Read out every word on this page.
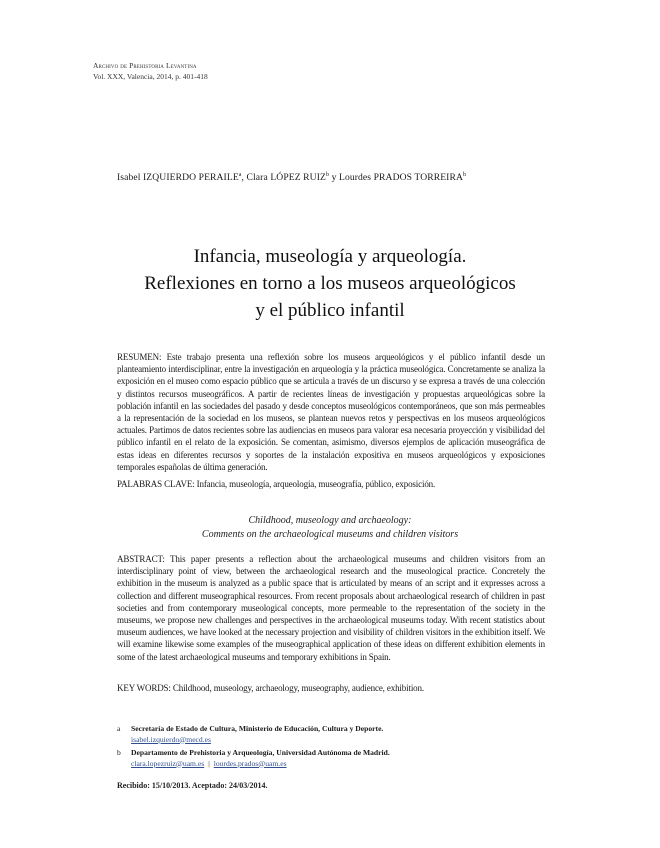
Archivo de Prehistoria Levantina
Vol. XXX, Valencia, 2014, p. 401-418
Isabel IZQUIERDO PERAILE$^a$, Clara LÓPEZ RUIZ$^b$ y Lourdes PRADOS TORREIRA$^b$
Infancia, museología y arqueología.
Reflexiones en torno a los museos arqueológicos
y el público infantil
RESUMEN: Este trabajo presenta una reflexión sobre los museos arqueológicos y el público infantil desde un planteamiento interdisciplinar, entre la investigación en arqueología y la práctica museológica. Concretamente se analiza la exposición en el museo como espacio público que se articula a través de un discurso y se expresa a través de una colección y distintos recursos museográficos. A partir de recientes líneas de investigación y propuestas arqueológicas sobre la población infantil en las sociedades del pasado y desde conceptos museológicos contemporáneos, que son más permeables a la representación de la sociedad en los museos, se plantean nuevos retos y perspectivas en los museos arqueológicos actuales. Partimos de datos recientes sobre las audiencias en museos para valorar esa necesaria proyección y visibilidad del público infantil en el relato de la exposición. Se comentan, asimismo, diversos ejemplos de aplicación museográfica de estas ideas en diferentes recursos y soportes de la instalación expositiva en museos arqueológicos y exposiciones temporales españolas de última generación.
PALABRAS CLAVE: Infancia, museología, arqueología, museografía, público, exposición.
Childhood, museology and archaeology:
Comments on the archaeological museums and children visitors
ABSTRACT: This paper presents a reflection about the archaeological museums and children visitors from an interdisciplinary point of view, between the archaeological research and the museological practice. Concretely the exhibition in the museum is analyzed as a public space that is articulated by means of an script and it expresses across a collection and different museographical resources. From recent proposals about archaeological research of children in past societies and from contemporary museological concepts, more permeable to the representation of the society in the museums, we propose new challenges and perspectives in the archaeological museums today. With recent statistics about museum audiences, we have looked at the necessary projection and visibility of children visitors in the exhibition itself. We will examine likewise some examples of the museographical application of these ideas on different exhibition elements in some of the latest archaeological museums and temporary exhibitions in Spain.
KEY WORDS: Childhood, museology, archaeology, museography, audience, exhibition.
a	Secretaría de Estado de Cultura, Ministerio de Educación, Cultura y Deporte.
isabel.izquierdo@mecd.es
b	Departamento de Prehistoria y Arqueología, Universidad Autónoma de Madrid.
clara.lopezruiz@uam.es | lourdes.prados@uam.es
Recibido: 15/10/2013. Aceptado: 24/03/2014.
